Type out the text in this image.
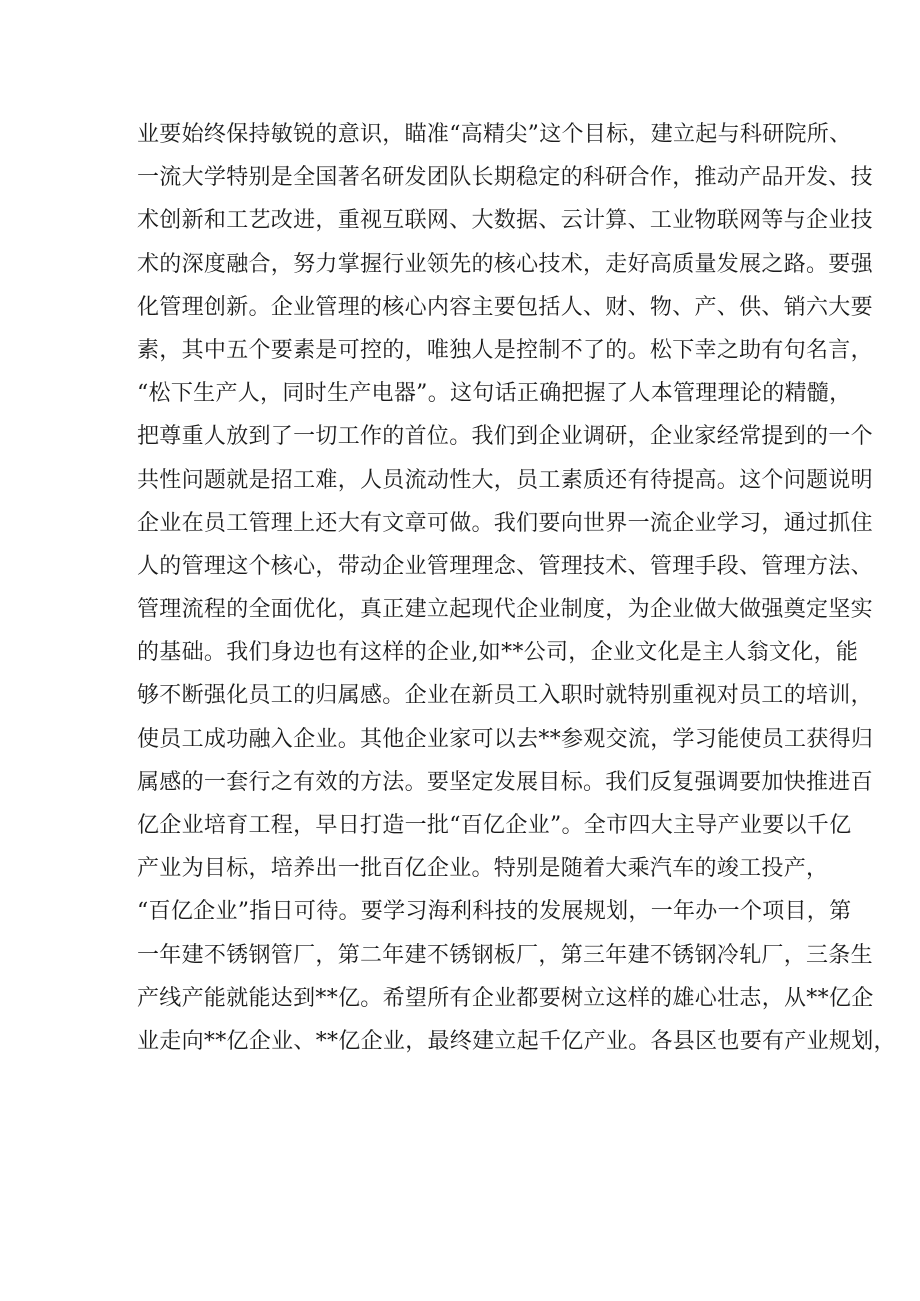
业要始终保持敏锐的意识，瞄准“高精尖”这个目标，建立起与科研院所、
一流大学特别是全国著名研发团队长期稳定的科研合作，推动产品开发、技
术创新和工艺改进，重视互联网、大数据、云计算、工业物联网等与企业技
术的深度融合，努力掌握行业领先的核心技术，走好高质量发展之路。要强
化管理创新。企业管理的核心内容主要包括人、财、物、产、供、销六大要
素，其中五个要素是可控的，唯独人是控制不了的。松下幸之助有句名言，
“松下生产人，同时生产电器”。这句话正确把握了人本管理理论的精髓，
把尊重人放到了一切工作的首位。我们到企业调研，企业家经常提到的一个
共性问题就是招工难，人员流动性大，员工素质还有待提高。这个问题说明
企业在员工管理上还大有文章可做。我们要向世界一流企业学习，通过抓住
人的管理这个核心，带动企业管理理念、管理技术、管理手段、管理方法、
管理流程的全面优化，真正建立起现代企业制度，为企业做大做强奠定坚实
的基础。我们身边也有这样的企业,如**公司，企业文化是主人翁文化，能
够不断强化员工的归属感。企业在新员工入职时就特别重视对员工的培训，
使员工成功融入企业。其他企业家可以去**参观交流，学习能使员工获得归
属感的一套行之有效的方法。要坚定发展目标。我们反复强调要加快推进百
亿企业培育工程，早日打造一批“百亿企业”。全市四大主导产业要以千亿
产业为目标，培养出一批百亿企业。特别是随着大乘汽车的竣工投产，
“百亿企业”指日可待。要学习海利科技的发展规划，一年办一个项目，第
一年建不锈钢管厂，第二年建不锈钢板厂，第三年建不锈钢冷轧厂，三条生
产线产能就能达到**亿。希望所有企业都要树立这样的雄心壮志，从**亿企
业走向**亿企业、**亿企业，最终建立起千亿产业。各县区也要有产业规划，
